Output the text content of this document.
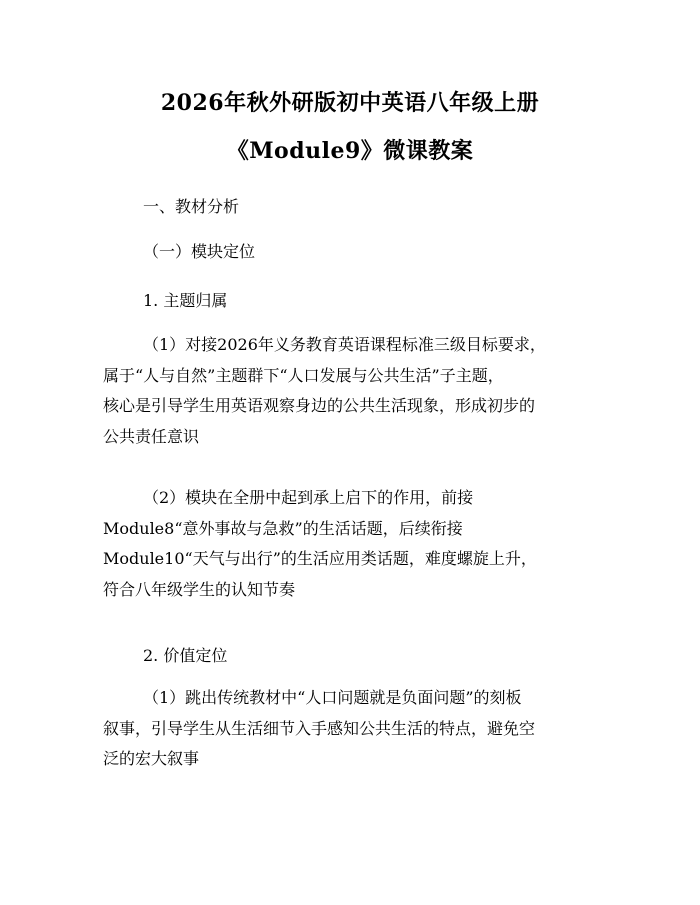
2026年秋外研版初中英语八年级上册
《Module9》微课教案
一、教材分析
（一）模块定位
1. 主题归属
（1）对接2026年义务教育英语课程标准三级目标要求，
属于“人与自然”主题群下“人口发展与公共生活”子主题，
核心是引导学生用英语观察身边的公共生活现象，形成初步的
公共责任意识
（2）模块在全册中起到承上启下的作用，前接
Module8“意外事故与急救”的生活话题，后续衔接
Module10“天气与出行”的生活应用类话题，难度螺旋上升，
符合八年级学生的认知节奏
2. 价值定位
（1）跳出传统教材中“人口问题就是负面问题”的刻板
叙事，引导学生从生活细节入手感知公共生活的特点，避免空
泛的宏大叙事
